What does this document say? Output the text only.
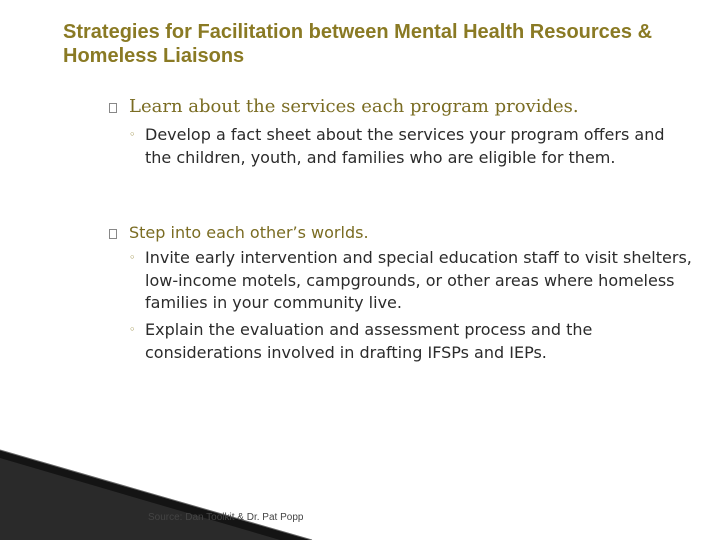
Strategies for Facilitation between Mental Health Resources & Homeless Liaisons
Learn about the services each program provides.
◦ Develop a fact sheet about the services your program offers and the children, youth, and families who are eligible for them.
Step into each other’s worlds.
◦ Invite early intervention and special education staff to visit shelters, low-income motels, campgrounds, or other areas where homeless families in your community live.
◦ Explain the evaluation and assessment process and the considerations involved in drafting IFSPs and IEPs.
Source: Dan Toolkit & Dr. Pat Popp
